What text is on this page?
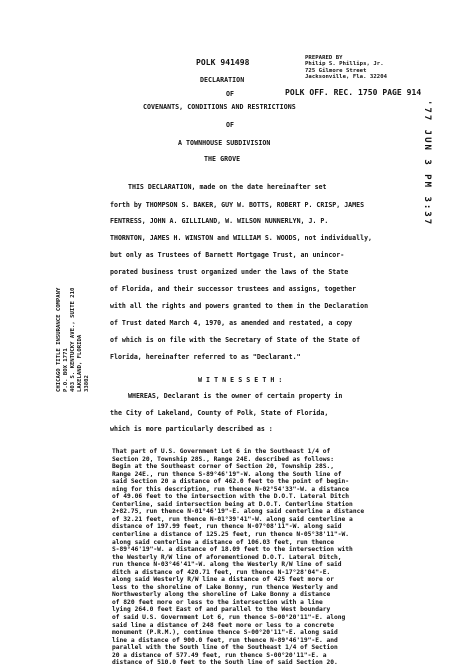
POLK 941498	PREPARED BY
Philip S. Phillips, Jr.
725 Gilmore Street
Jacksonville, Fla. 32204
DECLARATION
OF	POLK OFF. REC. 1750 PAGE 914
COVENANTS, CONDITIONS AND RESTRICTIONS
OF
A TOWNHOUSE SUBDIVISION
THE GROVE	'77 JUN 3 PM 3:37
THIS DECLARATION, made on the date hereinafter set
forth by THOMPSON S. BAKER, GUY W. BOTTS, ROBERT P. CRISP, JAMES
FENTRESS, JOHN A. GILLILAND, W. WILSON NUNNERLYN, J. P.
THORNTON, JAMES H. WINSTON and WILLIAM S. WOODS, not individually,
but only as Trustees of Barnett Mortgage Trust, an unincor-
porated business trust organized under the laws of the State
of Florida, and their successor trustees and assigns, together
with all the rights and powers granted to them in the Declaration
of Trust dated March 4, 1970, as amended and restated, a copy
of which is on file with the Secretary of State of the State of
Florida, hereinafter referred to as "Declarant."
W I T N E S S E T H :
WHEREAS, Declarant is the owner of certain property in
the City of Lakeland, County of Polk, State of Florida,
which is more particularly described as :
That part of U.S. Government Lot 6 in the Southeast 1/4 of
Section 20, Township 28S., Range 24E. described as follows:
Begin at the Southeast corner of Section 20, Township 28S.,
Range 24E., run thence S-89°46'19"-W. along the South line of
said Section 20 a distance of 462.0 feet to the point of begin-
ning for this description, run thence N-02°54'33"-W. a distance
of 49.06 feet to the intersection with the D.O.T. Lateral Ditch
Centerline, said intersection being at D.O.T. Centerline Station
2+82.75, run thence N-01°46'19"-E. along said centerline a distance
of 32.21 feet, run thence N-01°39'41"-W. along said centerline a
distance of 197.99 feet, run thence N-07°08'11"-W. along said
centerline a distance of 125.25 feet, run thence N-05°38'11"-W.
along said centerline a distance of 106.03 feet, run thence
S-89°46'19"-W. a distance of 18.09 feet to the intersection with
the Westerly R/W line of aforementioned D.O.T. Lateral Ditch,
run thence N-03°46'41"-W. along the Westerly R/W line of said
ditch a distance of 420.71 feet, run thence N-17°28'04"-E.
along said Westerly R/W line a distance of 425 feet more or
less to the shoreline of Lake Bonny, run thence Westerly and
Northwesterly along the shoreline of Lake Bonny a distance
of 820 feet more or less to the intersection with a line
lying 264.0 feet East of and parallel to the West boundary
of said U.S. Government Lot 6, run thence S-00°20'11"-E. along
said line a distance of 248 feet more or less to a concrete
monument (P.R.M.), continue thence S-00°20'11"-E. along said
line a distance of 900.0 feet, run thence N-89°46'19"-E. and
parallel with the South line of the Southeast 1/4 of Section
20 a distance of 577.49 feet, run thence S-00°20'11"-E. a
distance of 510.0 feet to the South line of said Section 20.
CHICAGO TITLE INSURANCE COMPANY P.O. BOX 1771 403 S. KENTUCKY AVE., SUITE 210 LAKELAND, FLORIDA 33802
